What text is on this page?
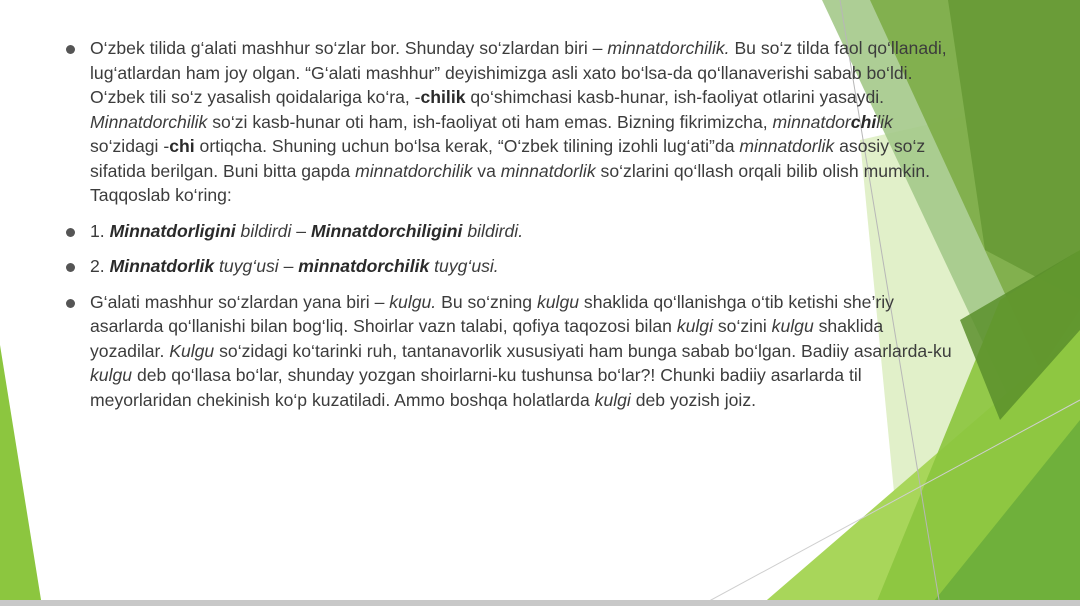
O‘zbek tilida g‘alati mashhur so‘zlar bor. Shunday so‘zlardan biri – minnatdorchilik. Bu so‘z tilda faol qo‘llanadi, lug‘atlardan ham joy olgan. “G‘alati mashhur” deyishimizga asli xato bo‘lsa-da qo‘llanaverishi sabab bo‘ldi. O‘zbek tili so‘z yasalish qoidalariga ko‘ra, -chilik qo‘shimchasi kasb-hunar, ish-faoliyat otlarini yasaydi. Minnatdorchilik so‘zi kasb-hunar oti ham, ish-faoliyat oti ham emas. Bizning fikrimizcha, minnatdorchilik so‘zidagi -chi ortiqcha. Shuning uchun bo‘lsa kerak, “O‘zbek tilining izohli lug‘ati”da minnatdorlik asosiy so‘z sifatida berilgan. Buni bitta gapda minnatdorchilik va minnatdorlik so‘zlarini qo‘llash orqali bilib olish mumkin. Taqqoslab ko‘ring:
1. Minnatdorligini bildirdi – Minnatdorchiligini bildirdi.
2. Minnatdorlik tuyg‘usi – minnatdorchilik tuyg‘usi.
G‘alati mashhur so‘zlardan yana biri – kulgu. Bu so‘zning kulgu shaklida qo‘llanishga o‘tib ketishi she’riy asarlarda qo‘llanishi bilan bog‘liq. Shoirlar vazn talabi, qofiya taqozosi bilan kulgi so‘zini kulgu shaklida yozadilar. Kulgu so‘zidagi ko‘tarinki ruh, tantanavorlik xususiyati ham bunga sabab bo‘lgan. Badiiy asarlarda-ku kulgu deb qo‘llasa bo‘lar, shunday yozgan shoirlarni-ku tushunsa bo‘lar?! Chunki badiiy asarlarda til meyorlaridan chekinish ko‘p kuzatiladi. Ammo boshqa holatlarda kulgi deb yozish joiz.
